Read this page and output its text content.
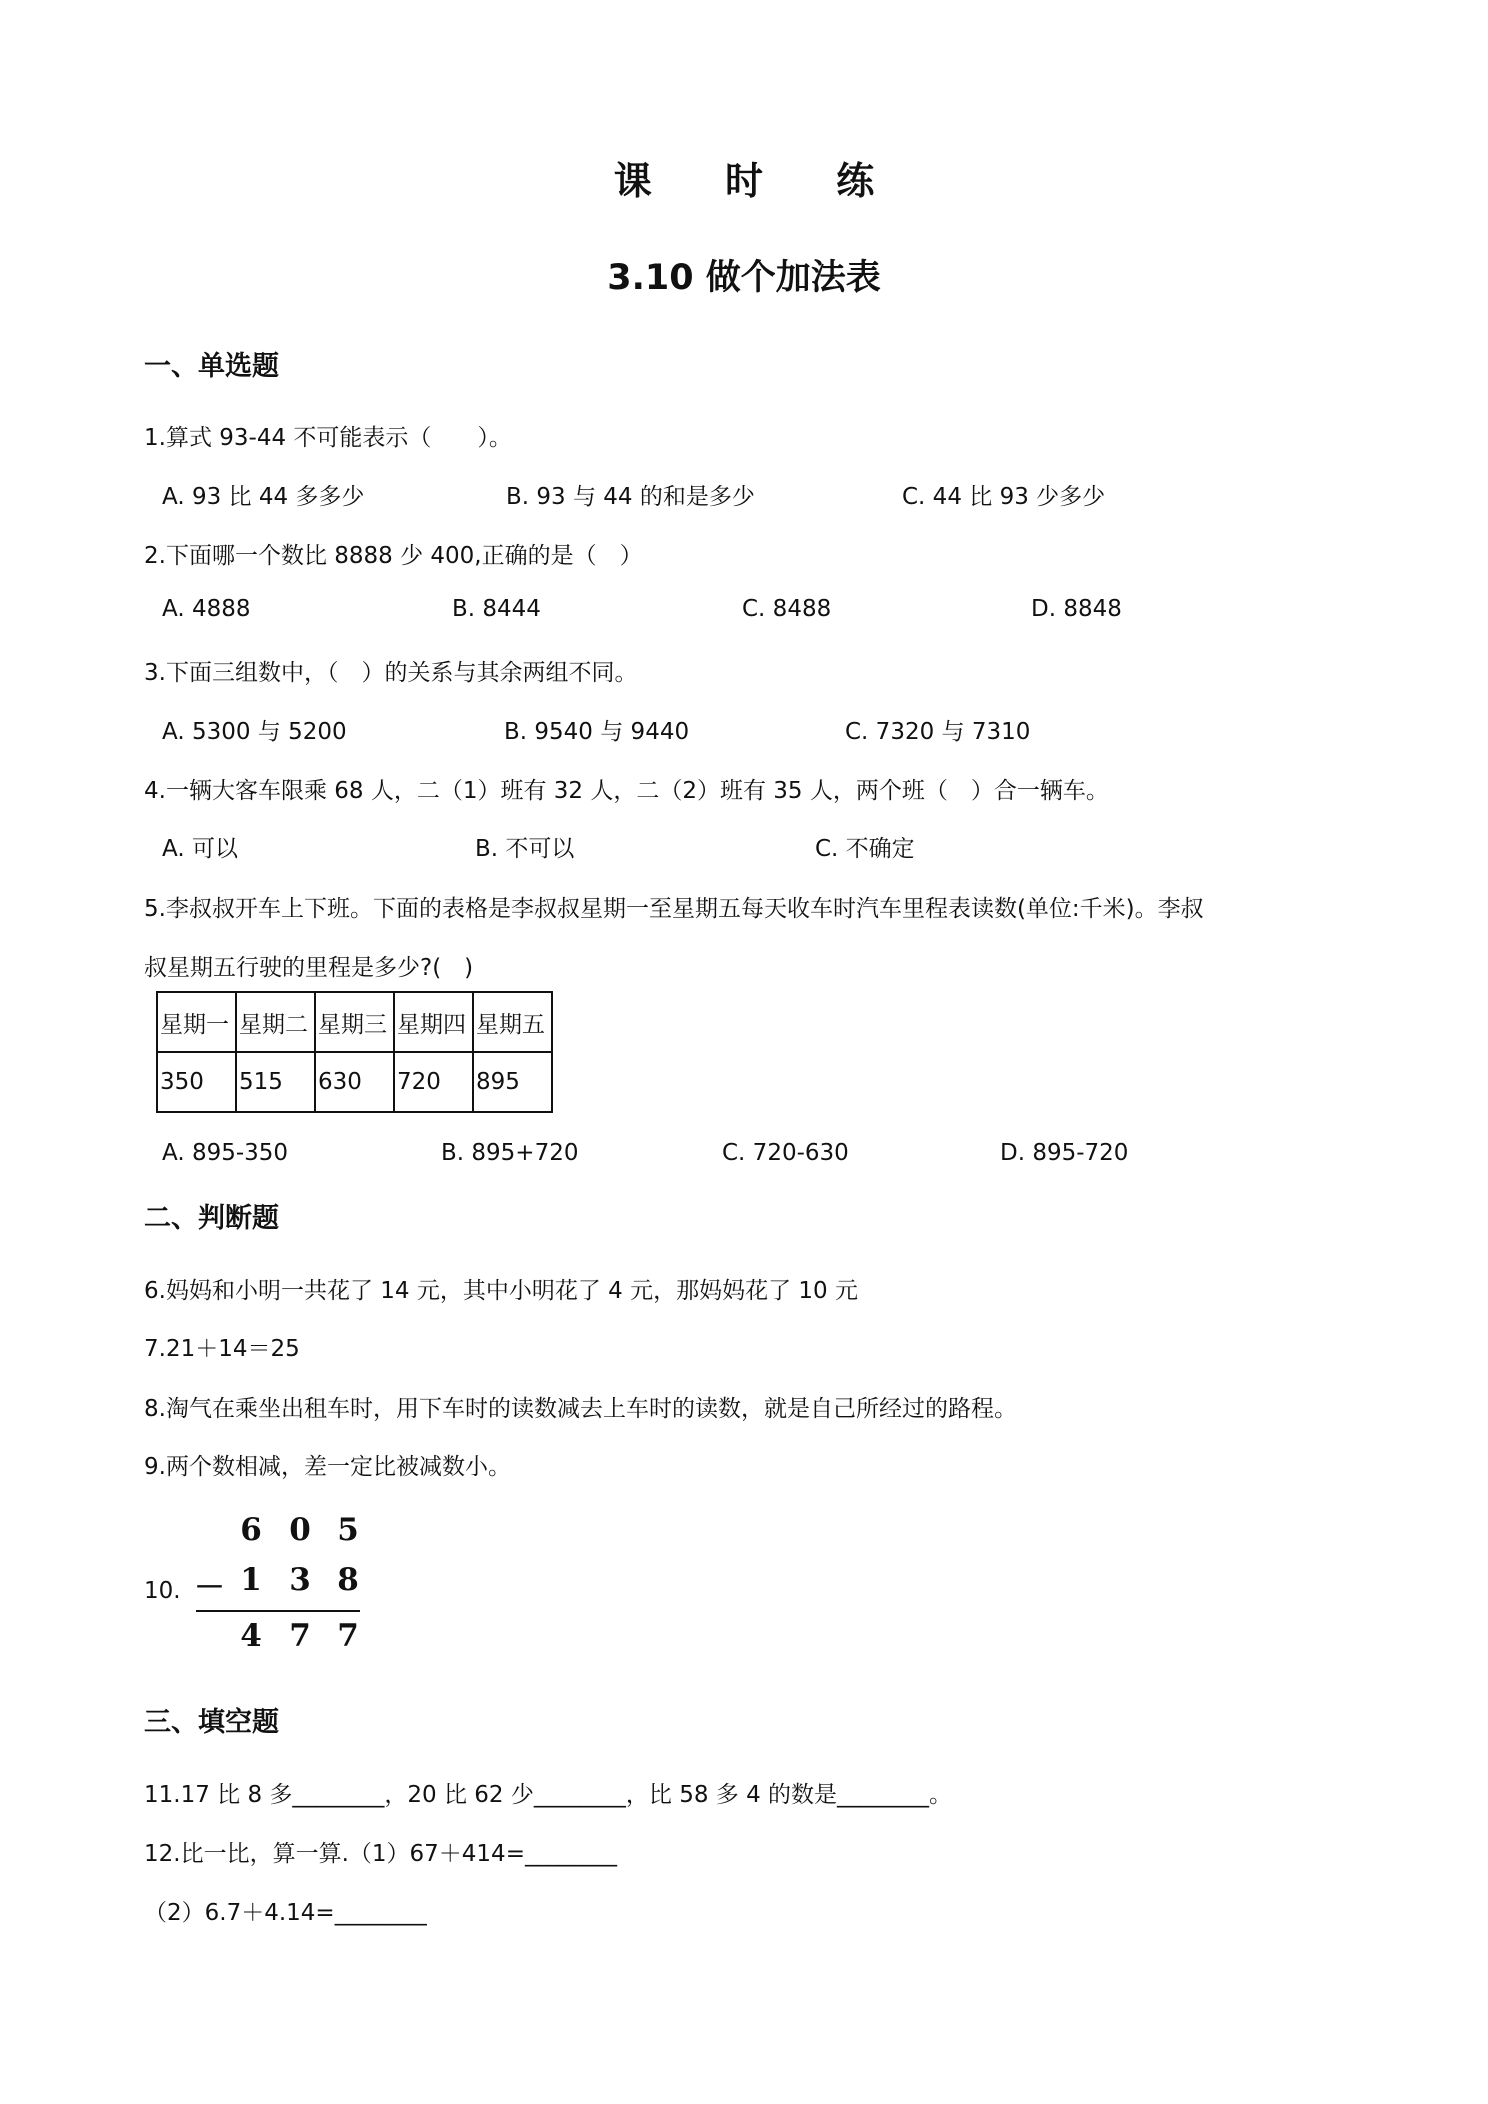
课 时 练
3.10 做个加法表
一、单选题
1.算式 93-44 不可能表示（　　）。
A. 93 比 44 多多少	B. 93 与 44 的和是多少	C. 44 比 93 少多少
2.下面哪一个数比 8888 少 400,正确的是（　）
A. 4888	B. 8444	C. 8488	D. 8848
3.下面三组数中，（　）的关系与其余两组不同。
A. 5300 与 5200	B. 9540 与 9440	C. 7320 与 7310
4.一辆大客车限乘 68 人，二（1）班有 32 人，二（2）班有 35 人，两个班（　）合一辆车。
A. 可以	B. 不可以	C. 不确定
5.李叔叔开车上下班。下面的表格是李叔叔星期一至星期五每天收车时汽车里程表读数(单位:千米)。李叔
叔星期五行驶的里程是多少?(　)
星期一	星期二	星期三	星期四	星期五
350	515	630	720	895
A. 895-350	B. 895+720	C. 720-630	D. 895-720
二、判断题
6.妈妈和小明一共花了 14 元，其中小明花了 4 元，那妈妈花了 10 元
7.21＋14＝25
8.淘气在乘坐出租车时，用下车时的读数减去上车时的读数，就是自己所经过的路程。
9.两个数相减，差一定比被减数小。
10.
6 0 5
－ 1 3 8
4 7 7
三、填空题
11.17 比 8 多________，20 比 62 少________，比 58 多 4 的数是________。
12.比一比，算一算.（1）67＋414=________
（2）6.7＋4.14=________
